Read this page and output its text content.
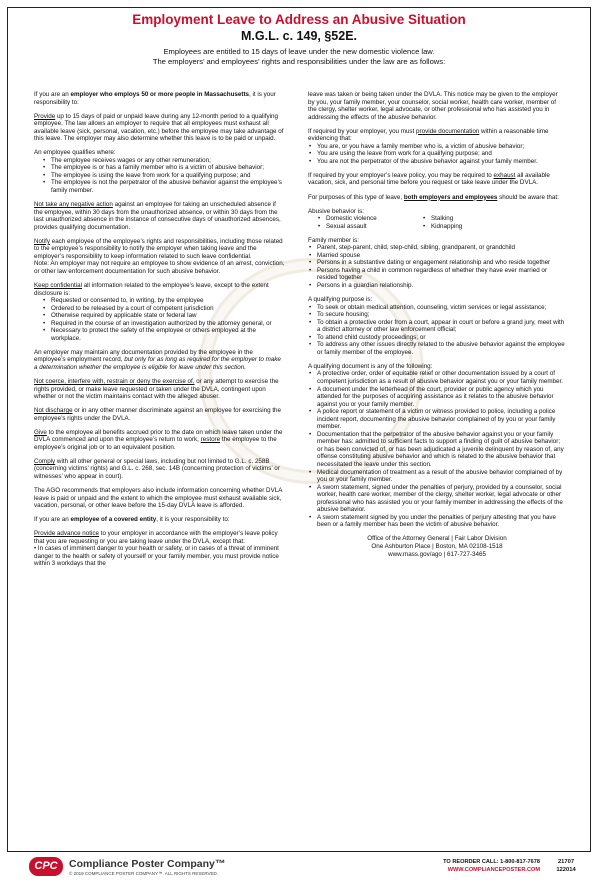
Employment Leave to Address an Abusive Situation
M.G.L. c. 149, §52E.
Employees are entitled to 15 days of leave under the new domestic violence law.
The employers’ and employees’ rights and responsibilities under the law are as follows:

If you are an employer who employs 50 or more people in Massachusetts, it is your responsibility to:

Provide up to 15 days of paid or unpaid leave during any 12-month period to a qualifying employee. The law allows an employer to require that all employees must exhaust all available leave (sick, personal, vacation, etc.) before the employee may take advantage of this leave. The employer may also determine whether this leave is to be paid or unpaid.

An employee qualifies where:
• The employee receives wages or any other remuneration;
• The employee is or has a family member who is a victim of abusive behavior;
• The employee is using the leave from work for a qualifying purpose; and
• The employee is not the perpetrator of the abusive behavior against the employee’s family member.

Not take any negative action against an employee for taking an unscheduled absence if the employee, within 30 days from the unauthorized absence, or within 30 days from the last unauthorized absence in the instance of consecutive days of unauthorized absences, provides qualifying documentation.

Notify each employee of the employee’s rights and responsibilities, including those related to the employee’s responsibility to notify the employer when taking leave and the employer’s responsibility to keep information related to such leave confidential.
Note: An employer may not require an employee to show evidence of an arrest, conviction, or other law enforcement documentation for such abusive behavior.
Keep confidential all information related to the employee’s leave, except to the extent disclosure is:
• Requested or consented to, in writing, by the employee
• Ordered to be released by a court of competent jurisdiction
• Otherwise required by applicable state or federal law
• Required in the course of an investigation authorized by the attorney general, or
• Necessary to protect the safety of the employee or others employed at the workplace.

An employer may maintain any documentation provided by the employee in the employee’s employment record, but only for as long as required for the employer to make a determination whether the employee is eligible for leave under this section.

Not coerce, interfere with, restrain or deny the exercise of, or any attempt to exercise the rights provided, or make leave requested or taken under the DVLA, contingent upon whether or not the victim maintains contact with the alleged abuser.

Not discharge or in any other manner discriminate against an employee for exercising the employee’s rights under the DVLA.

Give to the employee all benefits accrued prior to the date on which leave taken under the DVLA commenced and upon the employee’s return to work, restore the employee to the employee’s original job or to an equivalent position.

Comply with all other general or special laws, including but not limited to G.L. c. 258B (concerning victims’ rights) and G.L. c. 268, sec. 14B (concerning protection of victims’ or witnesses’ who appear in court).

The AGO recommends that employers also include information concerning whether DVLA leave is paid or unpaid and the extent to which the employee must exhaust available sick, vacation, personal, or other leave before the 15-day DVLA leave is afforded.

If you are an employee of a covered entity, it is your responsibility to:

Provide advance notice to your employer in accordance with the employer’s leave policy that you are requesting or you are taking leave under the DVLA, except that:
• In cases of imminent danger to your health or safety, or in cases of a threat of imminent danger to the health or safety of yourself or your family member, you must provide notice within 3 workdays that the

leave was taken or being taken under the DVLA. This notice may be given to the employer by you, your family member, your counselor, social worker, health care worker, member of the clergy, shelter worker, legal advocate, or other professional who has assisted you in addressing the effects of the abusive behavior.

If required by your employer, you must provide documentation within a reasonable time evidencing that:
• You are, or you have a family member who is, a victim of abusive behavior;
• You are using the leave from work for a qualifying purpose; and
• You are not the perpetrator of the abusive behavior against your family member.

If required by your employer’s leave policy, you may be required to exhaust all available vacation, sick, and personal time before you request or take leave under the DVLA.

For purposes of this type of leave, both employers and employees should be aware that:

Abusive behavior is:
• Domestic violence
• Sexual assault
• Stalking
• Kidnapping
Family member is:
• Parent, step-parent, child, step-child, sibling, grandparent, or grandchild
• Married spouse
• Persons in a substantive dating or engagement relationship and who reside together
• Persons having a child in common regardless of whether they have ever married or resided together
• Persons in a guardian relationship.
A qualifying purpose is:
• To seek or obtain medical attention, counseling, victim services or legal assistance;
• To secure housing;
• To obtain a protective order from a court, appear in court or before a grand jury, meet with a district attorney or other law enforcement official;
• To attend child custody proceedings; or
• To address any other issues directly related to the abusive behavior against the employee or family member of the employee.
A qualifying document is any of the following:
• A protective order, order of equitable relief or other documentation issued by a court of competent jurisdiction as a result of abusive behavior against you or your family member.
• A document under the letterhead of the court, provider or public agency which you attended for the purposes of acquiring assistance as it relates to the abusive behavior against you or your family member.
• A police report or statement of a victim or witness provided to police, including a police incident report, documenting the abusive behavior complained of by you or your family member.
• Documentation that the perpetrator of the abusive behavior against you or your family member has: admitted to sufficient facts to support a finding of guilt of abusive behavior; or has been convicted of, or has been adjudicated a juvenile delinquent by reason of, any offense constituting abusive behavior and which is related to the abusive behavior that necessitated the leave under this section.
• Medical documentation of treatment as a result of the abusive behavior complained of by you or your family member.
• A sworn statement, signed under the penalties of perjury, provided by a counselor, social worker, health care worker, member of the clergy, shelter worker, legal advocate or other professional who has assisted you or your family member in addressing the effects of the abusive behavior.
• A sworn statement signed by you under the penalties of perjury attesting that you have been or a family member has been the victim of abusive behavior.
Office of the Attorney General | Fair Labor Division
One Ashburton Place | Boston, MA 02108-1518
www.mass.gov/ago | 617-727-3465
CPC	Compliance Poster Company™
© 2019 COMPLIANCE POSTER COMPANY™. ALL RIGHTS RESERVED.
TO REORDER CALL: 1-800-817-7678
WWW.COMPLIANCEPOSTER.COM
21707
122014
